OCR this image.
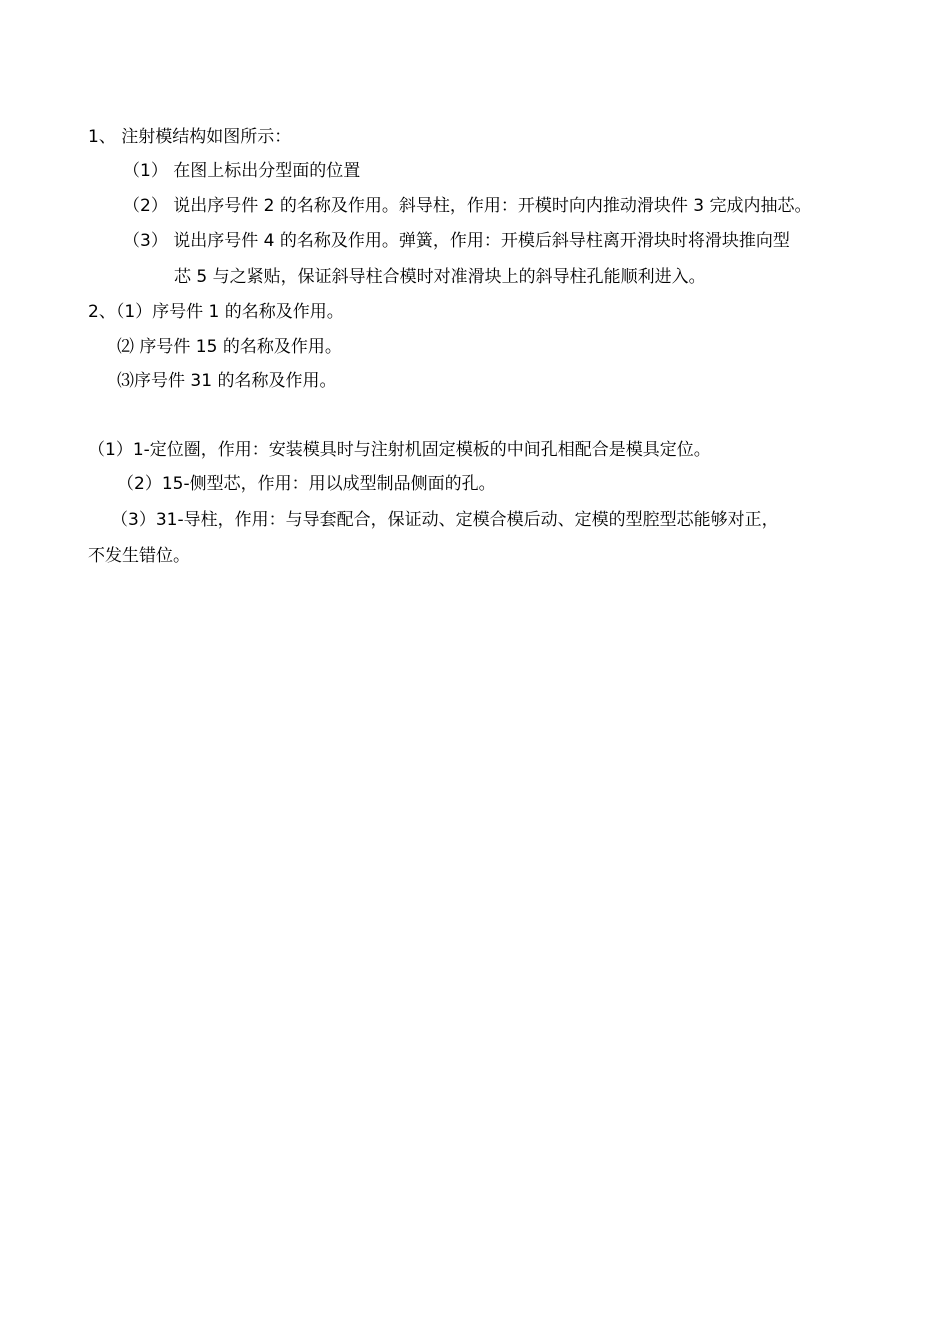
1、 注射模结构如图所示：
（1） 在图上标出分型面的位置
（2） 说出序号件 2 的名称及作用。斜导柱，作用：开模时向内推动滑块件 3 完成内抽芯。
（3） 说出序号件 4 的名称及作用。弹簧，作用：开模后斜导柱离开滑块时将滑块推向型
芯 5 与之紧贴，保证斜导柱合模时对准滑块上的斜导柱孔能顺利进入。
2、（1）序号件 1 的名称及作用。
⑵ 序号件 15 的名称及作用。
⑶序号件 31 的名称及作用。
（1）1-定位圈，作用：安装模具时与注射机固定模板的中间孔相配合是模具定位。
（2）15-侧型芯，作用：用以成型制品侧面的孔。
（3）31-导柱，作用：与导套配合，保证动、定模合模后动、定模的型腔型芯能够对正，
不发生错位。
